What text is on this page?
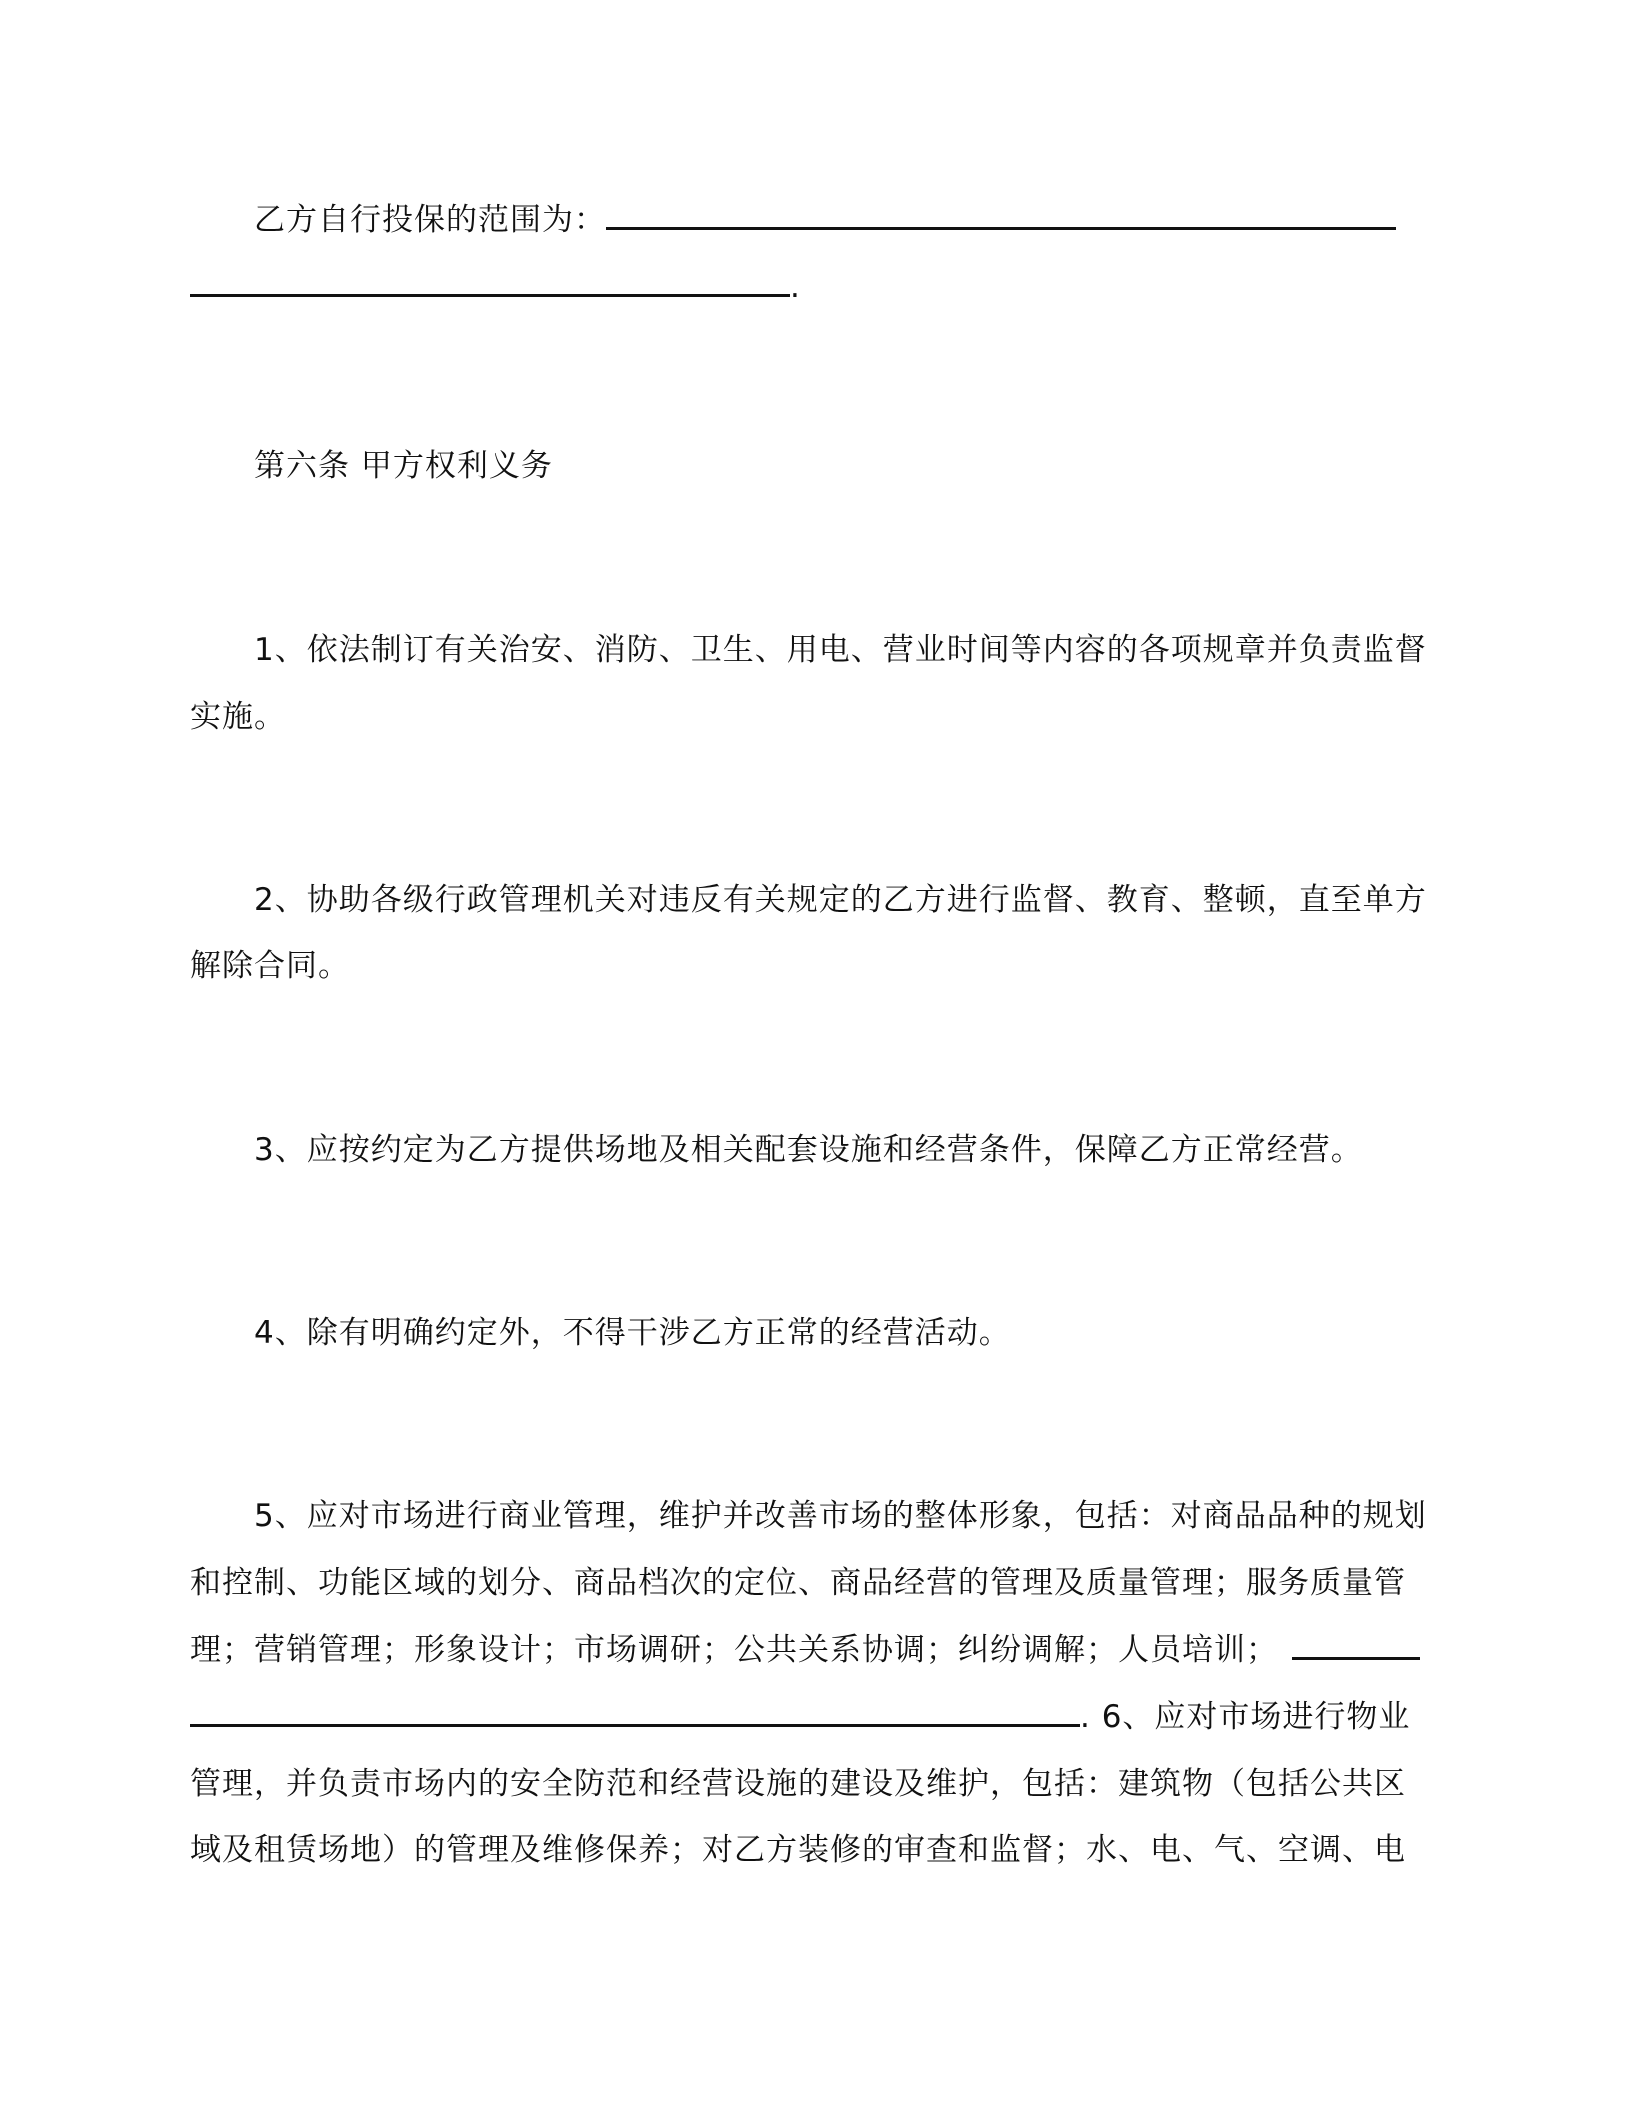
乙方自行投保的范围为：
.
第六条 甲方权利义务
1、依法制订有关治安、消防、卫生、用电、营业时间等内容的各项规章并负责监督
实施。
2、协助各级行政管理机关对违反有关规定的乙方进行监督、教育、整顿，直至单方
解除合同。
3、应按约定为乙方提供场地及相关配套设施和经营条件，保障乙方正常经营。
4、除有明确约定外，不得干涉乙方正常的经营活动。
5、应对市场进行商业管理，维护并改善市场的整体形象，包括：对商品品种的规划
和控制、功能区域的划分、商品档次的定位、商品经营的管理及质量管理；服务质量管
理；营销管理；形象设计；市场调研；公共关系协调；纠纷调解；人员培训；
. 6、应对市场进行物业
管理，并负责市场内的安全防范和经营设施的建设及维护，包括：建筑物（包括公共区
域及租赁场地）的管理及维修保养；对乙方装修的审查和监督；水、电、气、空调、电
